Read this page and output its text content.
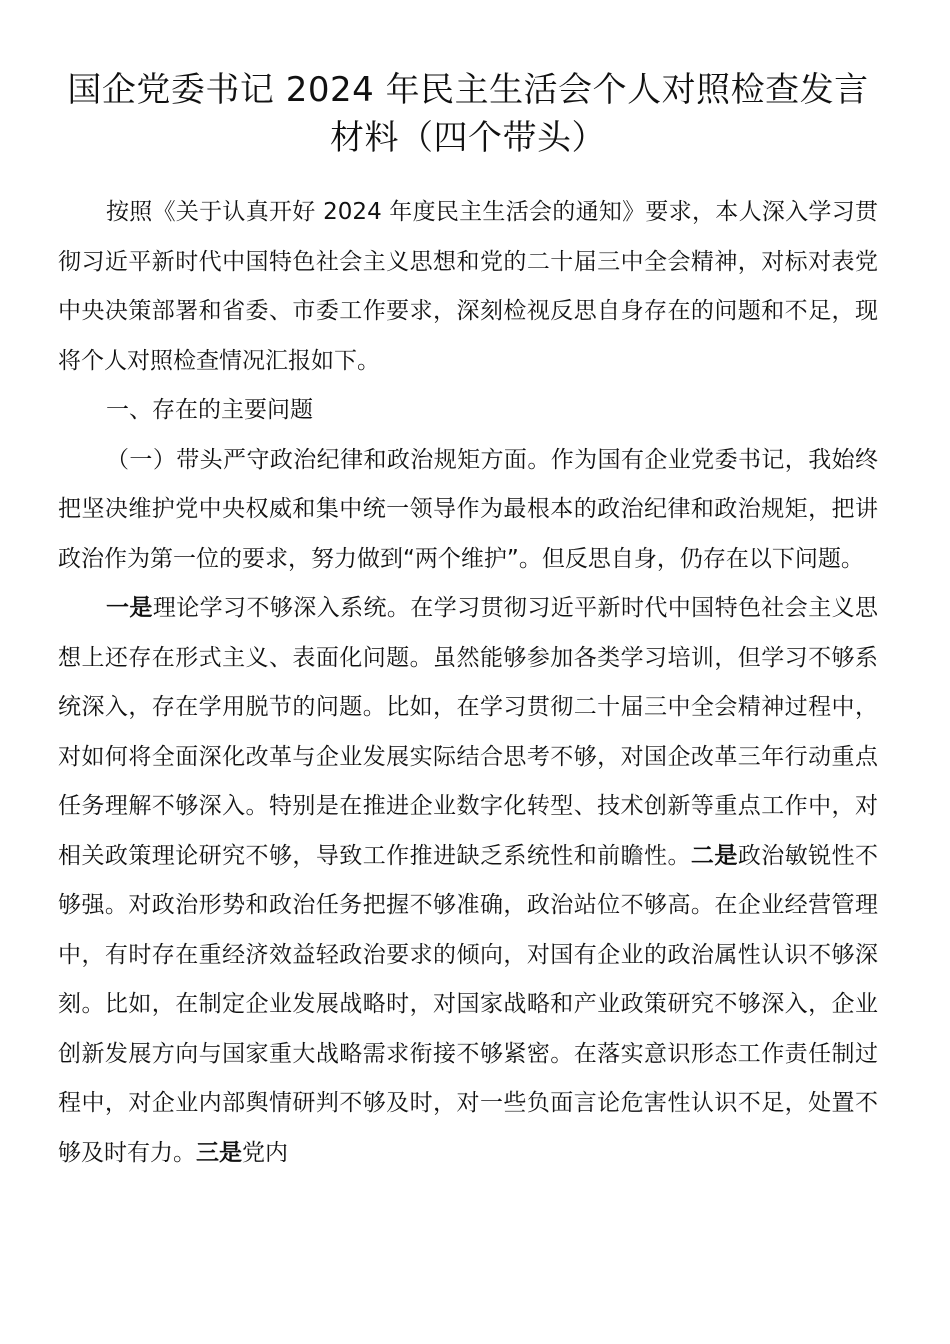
国企党委书记 2024 年民主生活会个人对照检查发言
材料（四个带头）

按照《关于认真开好 2024 年度民主生活会的通知》要求，本人深入学习贯彻习近平新时代中国特色社会主义思想和党的二十届三中全会精神，对标对表党中央决策部署和省委、市委工作要求，深刻检视反思自身存在的问题和不足，现将个人对照检查情况汇报如下。

一、存在的主要问题

（一）带头严守政治纪律和政治规矩方面。作为国有企业党委书记，我始终把坚决维护党中央权威和集中统一领导作为最根本的政治纪律和政治规矩，把讲政治作为第一位的要求，努力做到“两个维护”。但反思自身，仍存在以下问题。

一是理论学习不够深入系统。在学习贯彻习近平新时代中国特色社会主义思想上还存在形式主义、表面化问题。虽然能够参加各类学习培训，但学习不够系统深入，存在学用脱节的问题。比如，在学习贯彻二十届三中全会精神过程中，对如何将全面深化改革与企业发展实际结合思考不够，对国企改革三年行动重点任务理解不够深入。特别是在推进企业数字化转型、技术创新等重点工作中，对相关政策理论研究不够，导致工作推进缺乏系统性和前瞻性。二是政治敏锐性不够强。对政治形势和政治任务把握不够准确，政治站位不够高。在企业经营管理中，有时存在重经济效益轻政治要求的倾向，对国有企业的政治属性认识不够深刻。比如，在制定企业发展战略时，对国家战略和产业政策研究不够深入，企业创新发展方向与国家重大战略需求衔接不够紧密。在落实意识形态工作责任制过程中，对企业内部舆情研判不够及时，对一些负面言论危害性认识不足，处置不够及时有力。三是党内
